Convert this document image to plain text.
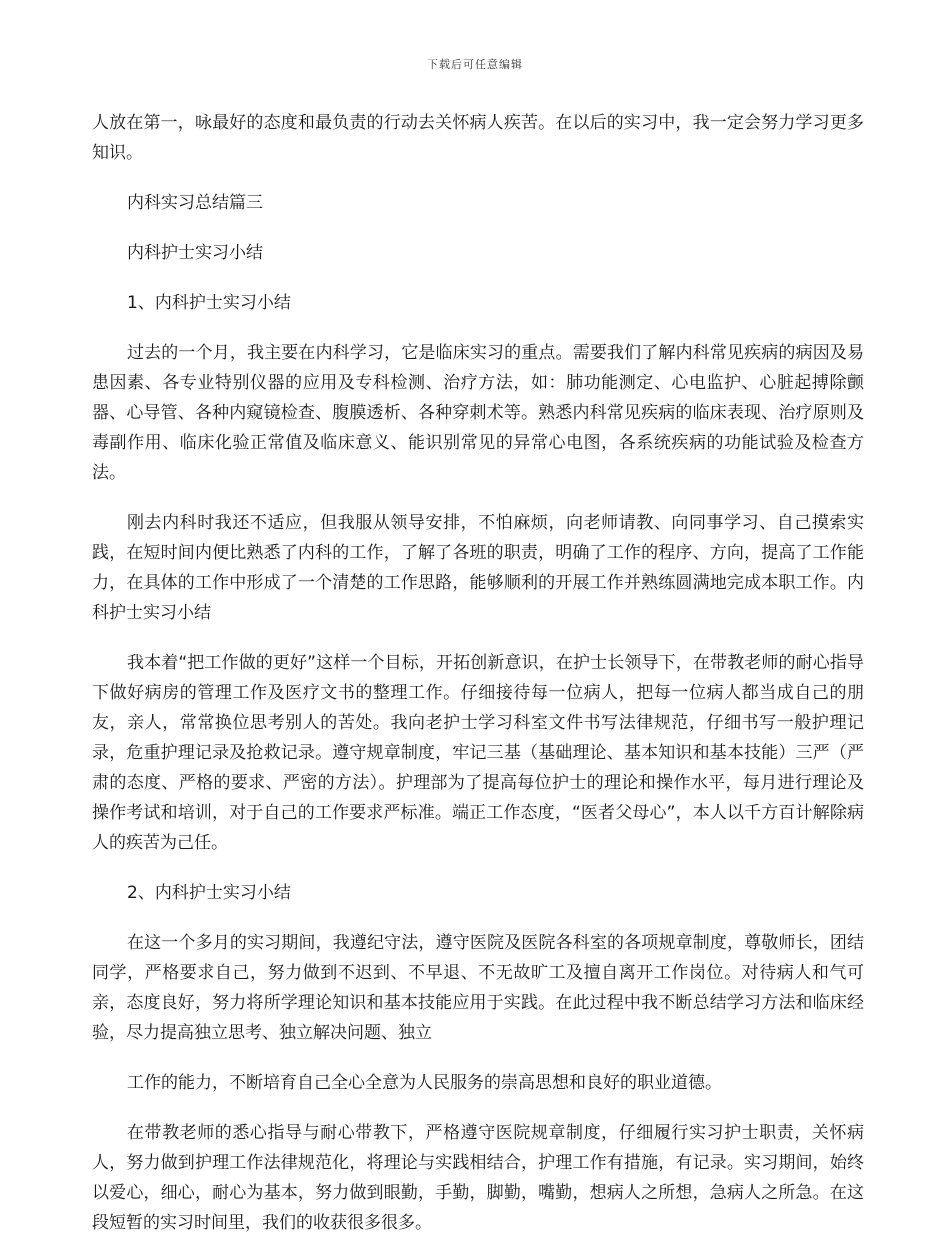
下载后可任意编辑

人放在第一，咏最好的态度和最负责的行动去关怀病人疾苦。在以后的实习中，我一定会努力学习更多知识。

内科实习总结篇三

内科护士实习小结

1、内科护士实习小结

过去的一个月，我主要在内科学习，它是临床实习的重点。需要我们了解内科常见疾病的病因及易患因素、各专业特别仪器的应用及专科检测、治疗方法，如：肺功能测定、心电监护、心脏起搏除颤器、心导管、各种内窥镜检查、腹膜透析、各种穿刺术等。熟悉内科常见疾病的临床表现、治疗原则及毒副作用、临床化验正常值及临床意义、能识别常见的异常心电图，各系统疾病的功能试验及检查方法。

刚去内科时我还不适应，但我服从领导安排，不怕麻烦，向老师请教、向同事学习、自己摸索实践，在短时间内便比熟悉了内科的工作，了解了各班的职责，明确了工作的程序、方向，提高了工作能力，在具体的工作中形成了一个清楚的工作思路，能够顺利的开展工作并熟练圆满地完成本职工作。内科护士实习小结

我本着“把工作做的更好”这样一个目标，开拓创新意识，在护士长领导下，在带教老师的耐心指导下做好病房的管理工作及医疗文书的整理工作。仔细接待每一位病人，把每一位病人都当成自己的朋友，亲人，常常换位思考别人的苦处。我向老护士学习科室文件书写法律规范，仔细书写一般护理记录，危重护理记录及抢救记录。遵守规章制度，牢记三基（基础理论、基本知识和基本技能）三严（严肃的态度、严格的要求、严密的方法）。护理部为了提高每位护士的理论和操作水平，每月进行理论及操作考试和培训，对于自己的工作要求严标准。端正工作态度，“医者父母心”，本人以千方百计解除病人的疾苦为己任。

2、内科护士实习小结

在这一个多月的实习期间，我遵纪守法，遵守医院及医院各科室的各项规章制度，尊敬师长，团结同学，严格要求自己，努力做到不迟到、不早退、不无故旷工及擅自离开工作岗位。对待病人和气可亲，态度良好，努力将所学理论知识和基本技能应用于实践。在此过程中我不断总结学习方法和临床经验，尽力提高独立思考、独立解决问题、独立

工作的能力，不断培育自己全心全意为人民服务的崇高思想和良好的职业道德。

在带教老师的悉心指导与耐心带教下，严格遵守医院规章制度，仔细履行实习护士职责，关怀病人，努力做到护理工作法律规范化，将理论与实践相结合，护理工作有措施，有记录。实习期间，始终以爱心，细心，耐心为基本，努力做到眼勤，手勤，脚勤，嘴勤，想病人之所想，急病人之所急。在这段短暂的实习时间里，我们的收获很多很多。
